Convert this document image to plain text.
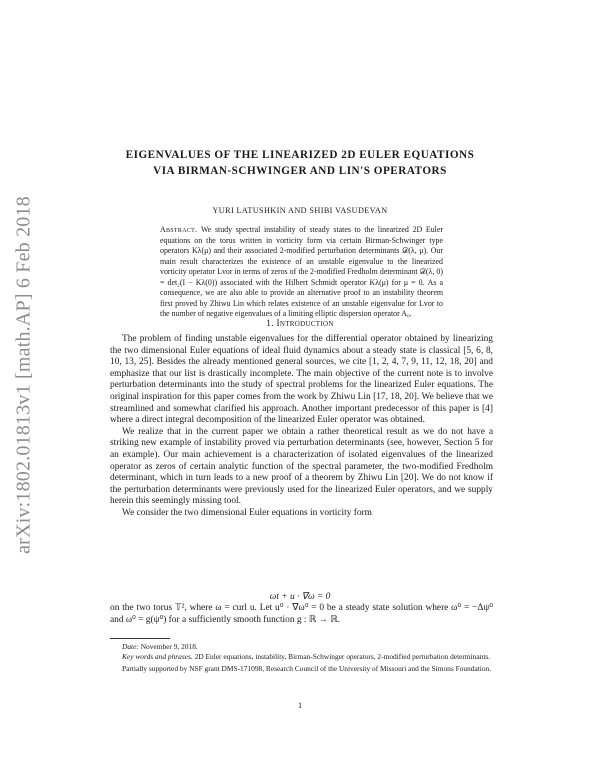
arXiv:1802.01813v1 [math.AP] 6 Feb 2018
EIGENVALUES OF THE LINEARIZED 2D EULER EQUATIONS
VIA BIRMAN-SCHWINGER AND LIN'S OPERATORS
YURI LATUSHKIN AND SHIBI VASUDEVAN
Abstract. We study spectral instability of steady states to the linearized 2D Euler equations on the torus written in vorticity form via certain Birman-Schwinger type operators Kλ(μ) and their associated 2-modified perturbation determinants 𝒟(λ, μ). Our main result characterizes the existence of an unstable eigenvalue to the linearized vorticity operator Lvor in terms of zeros of the 2-modified Fredholm determinant 𝒟(λ, 0) = det₂(I − Kλ(0)) associated with the Hilbert Schmidt operator Kλ(μ) for μ = 0. As a consequence, we are also able to provide an alternative proof to an instability theorem first proved by Zhiwu Lin which relates existence of an unstable eigenvalue for Lvor to the number of negative eigenvalues of a limiting elliptic dispersion operator A₀.
1. Introduction

The problem of finding unstable eigenvalues for the differential operator obtained by linearizing the two dimensional Euler equations of ideal fluid dynamics about a steady state is classical [5, 6, 8, 10, 13, 25]. Besides the already mentioned general sources, we cite [1, 2, 4, 7, 9, 11, 12, 18, 20] and emphasize that our list is drastically incomplete. The main objective of the current note is to involve perturbation determinants into the study of spectral problems for the linearized Euler equations. The original inspiration for this paper comes from the work by Zhiwu Lin [17, 18, 20]. We believe that we streamlined and somewhat clarified his approach. Another important predecessor of this paper is [4] where a direct integral decomposition of the linearized Euler operator was obtained.

We realize that in the current paper we obtain a rather theoretical result as we do not have a striking new example of instability proved via perturbation determinants (see, however, Section 5 for an example). Our main achievement is a characterization of isolated eigenvalues of the linearized operator as zeros of certain analytic function of the spectral parameter, the two-modified Fredholm determinant, which in turn leads to a new proof of a theorem by Zhiwu Lin [20]. We do not know if the perturbation determinants were previously used for the linearized Euler operators, and we supply herein this seemingly missing tool.

We consider the two dimensional Euler equations in vorticity form

ωt + u · ∇ω = 0

on the two torus 𝕋², where ω = curl u. Let u⁰ · ∇ω⁰ = 0 be a steady state solution where ω⁰ = −Δψ⁰ and ω⁰ = g(ψ⁰) for a sufficiently smooth function g : ℝ → ℝ.

Date: November 9, 2018.

Key words and phrases. 2D Euler equations, instability, Birman-Schwinger operators, 2-modified perturbation determinants.

Partially supported by NSF grant DMS-171098, Research Council of the University of Missouri and the Simons Foundation.

1
